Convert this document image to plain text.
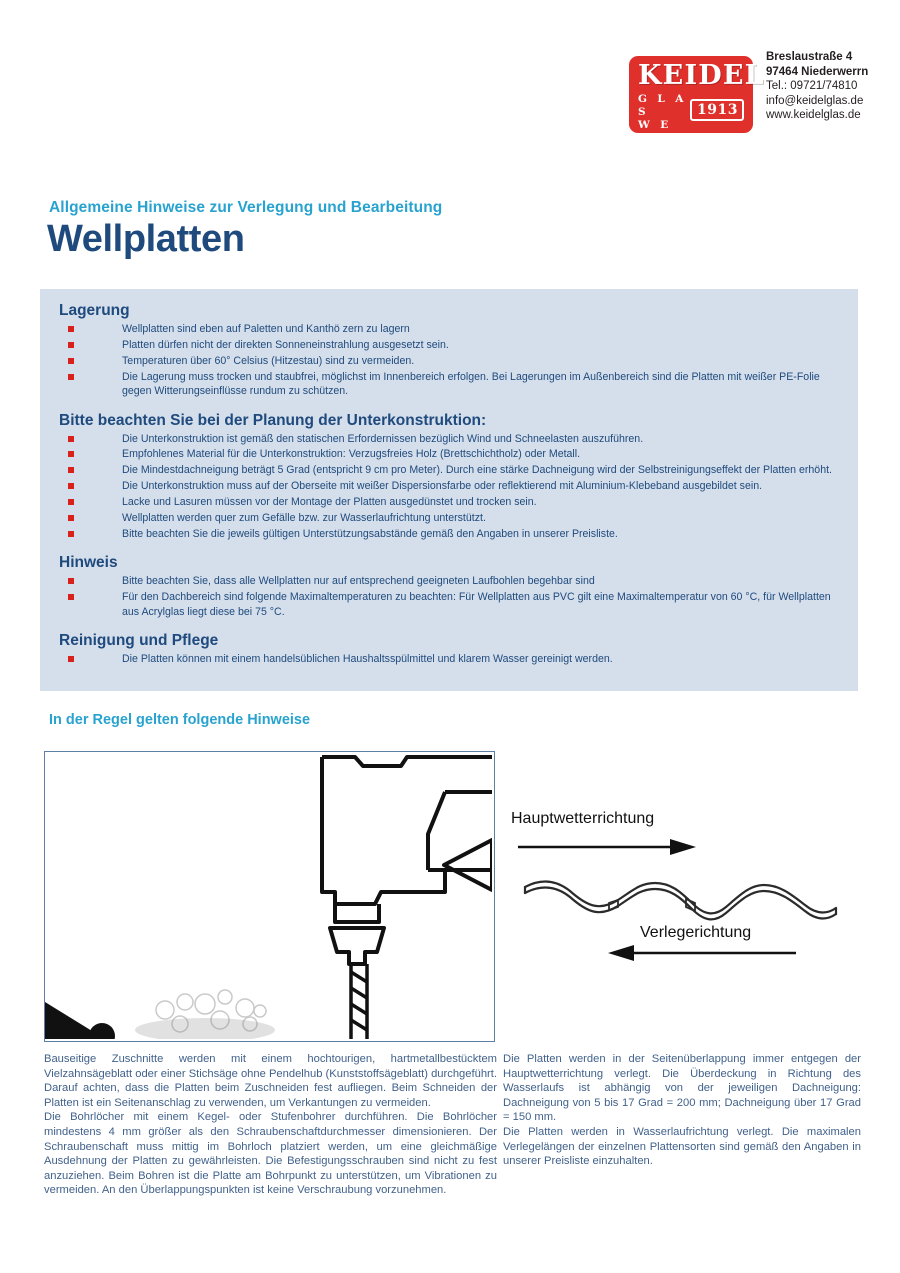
KEIDEL
G L A S
W E R K
1913
Breslaustraße 4
97464 Niederwerrn
Tel.: 09721/74810
info@keidelglas.de
www.keidelglas.de
Allgemeine Hinweise zur Verlegung und Bearbeitung
Wellplatten
Lagerung
Wellplatten sind eben auf Paletten und Kanthö zern zu lagern
Platten dürfen nicht der direkten Sonneneinstrahlung ausgesetzt sein.
Temperaturen über 60° Celsius (Hitzestau) sind zu vermeiden.
Die Lagerung muss trocken und staubfrei, möglichst im Innenbereich erfolgen. Bei Lagerungen im Außenbereich sind die Platten mit weißer PE-Folie gegen Witterungseinflüsse rundum zu schützen.
Bitte beachten Sie bei der Planung der Unterkonstruktion:
Die Unterkonstruktion ist gemäß den statischen Erfordernissen bezüglich Wind und Schneelasten auszuführen.
Empfohlenes Material für die Unterkonstruktion: Verzugsfreies Holz (Brettschichtholz) oder Metall.
Die Mindestdachneigung beträgt 5 Grad (entspricht 9 cm pro Meter). Durch eine stärke Dachneigung wird der Selbstreinigungseffekt der Platten erhöht.
Die Unterkonstruktion muss auf der Oberseite mit weißer Dispersionsfarbe oder reflektierend mit Aluminium-Klebeband ausgebildet sein.
Lacke und Lasuren müssen vor der Montage der Platten ausgedünstet und trocken sein.
Wellplatten werden quer zum Gefälle bzw. zur Wasserlaufrichtung unterstützt.
Bitte beachten Sie die jeweils gültigen Unterstützungsabstände gemäß den Angaben in unserer Preisliste.
Hinweis
Bitte beachten Sie, dass alle Wellplatten nur auf entsprechend geeigneten Laufbohlen begehbar sind
Für den Dachbereich sind folgende Maximaltemperaturen zu beachten: Für Wellplatten aus PVC gilt eine Maximaltemperatur von 60 °C, für Wellplatten aus Acrylglas liegt diese bei 75 °C.
Reinigung und Pflege
Die Platten können mit einem handelsüblichen Haushaltsspülmittel und klarem Wasser gereinigt werden.
In der Regel gelten folgende Hinweise
Hauptwetterrichtung
Verlegerichtung

Bauseitige Zuschnitte werden mit einem hochtourigen, hartmetallbestücktem Vielzahnsägeblatt oder einer Stichsäge ohne Pendelhub (Kunststoffsägeblatt) durchgeführt. Darauf achten, dass die Platten beim Zuschneiden fest aufliegen. Beim Schneiden der Platten ist ein Seitenanschlag zu verwenden, um Verkantungen zu vermeiden.

Die Bohrlöcher mit einem Kegel- oder Stufenbohrer durchführen. Die Bohrlöcher mindestens 4 mm größer als den Schraubenschaftdurchmesser dimensionieren. Der Schraubenschaft muss mittig im Bohrloch platziert werden, um eine gleichmäßige Ausdehnung der Platten zu gewährleisten. Die Befestigungsschrauben sind nicht zu fest anzuziehen. Beim Bohren ist die Platte am Bohrpunkt zu unterstützen, um Vibrationen zu vermeiden. An den Überlappungspunkten ist keine Verschraubung vorzunehmen.

Die Platten werden in der Seitenüberlappung immer entgegen der Hauptwetterrichtung verlegt. Die Überdeckung in Richtung des Wasserlaufs ist abhängig von der jeweiligen Dachneigung: Dachneigung von 5 bis 17 Grad = 200 mm; Dachneigung über 17 Grad = 150 mm.

Die Platten werden in Wasserlaufrichtung verlegt. Die maximalen Verlegelängen der einzelnen Plattensorten sind gemäß den Angaben in unserer Preisliste einzuhalten.
